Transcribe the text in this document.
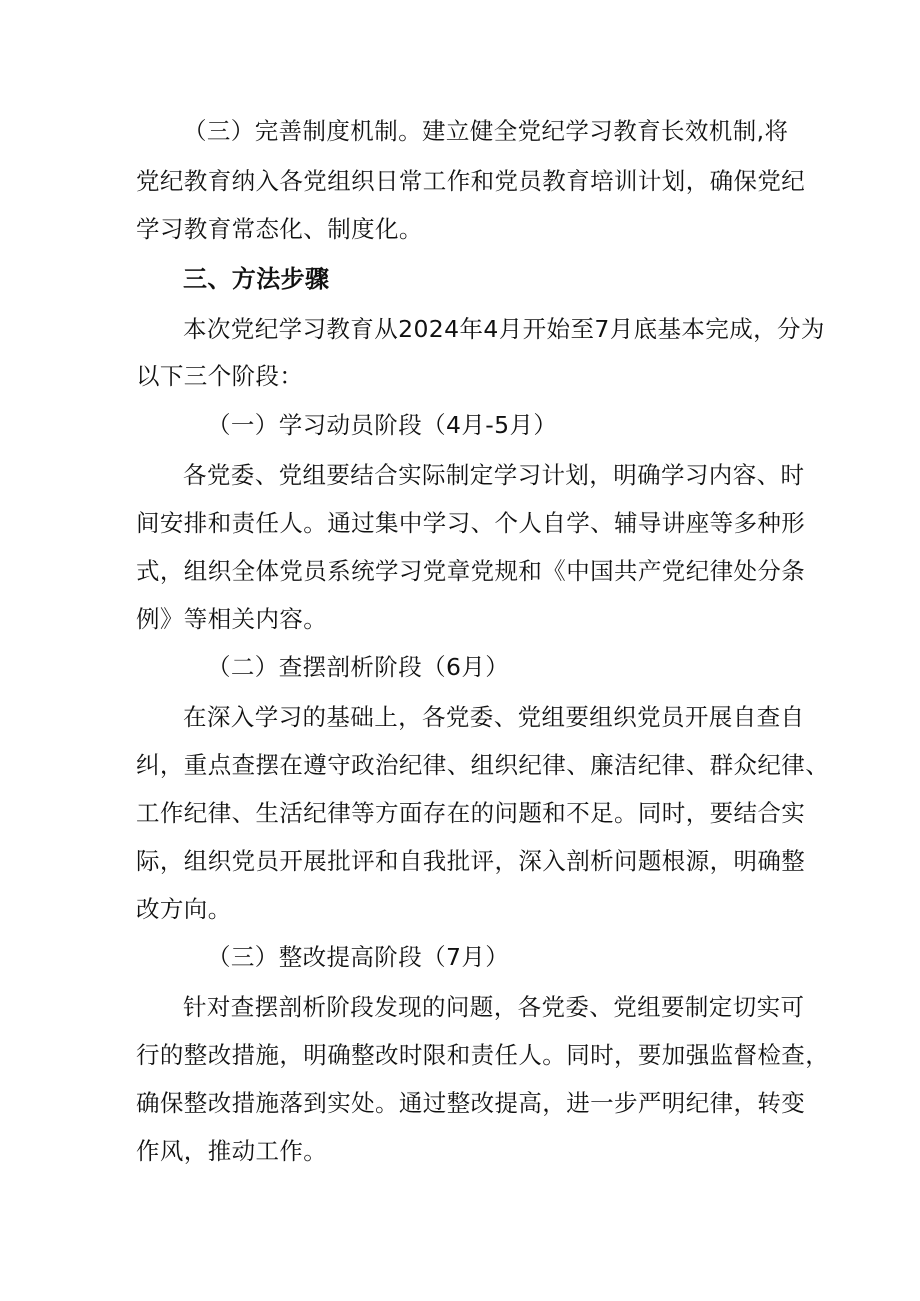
（三）完善制度机制。建立健全党纪学习教育长效机制,将
党纪教育纳入各党组织日常工作和党员教育培训计划，确保党纪
学习教育常态化、制度化。
三、方法步骤
本次党纪学习教育从2024年4月开始至7月底基本完成，分为
以下三个阶段：
（一）学习动员阶段（4月-5月）
各党委、党组要结合实际制定学习计划，明确学习内容、时
间安排和责任人。通过集中学习、个人自学、辅导讲座等多种形
式，组织全体党员系统学习党章党规和《中国共产党纪律处分条
例》等相关内容。
（二）查摆剖析阶段（6月）
在深入学习的基础上，各党委、党组要组织党员开展自查自
纠，重点查摆在遵守政治纪律、组织纪律、廉洁纪律、群众纪律、
工作纪律、生活纪律等方面存在的问题和不足。同时，要结合实
际，组织党员开展批评和自我批评，深入剖析问题根源，明确整
改方向。
（三）整改提高阶段（7月）
针对查摆剖析阶段发现的问题，各党委、党组要制定切实可
行的整改措施，明确整改时限和责任人。同时，要加强监督检查，
确保整改措施落到实处。通过整改提高，进一步严明纪律，转变
作风，推动工作。
